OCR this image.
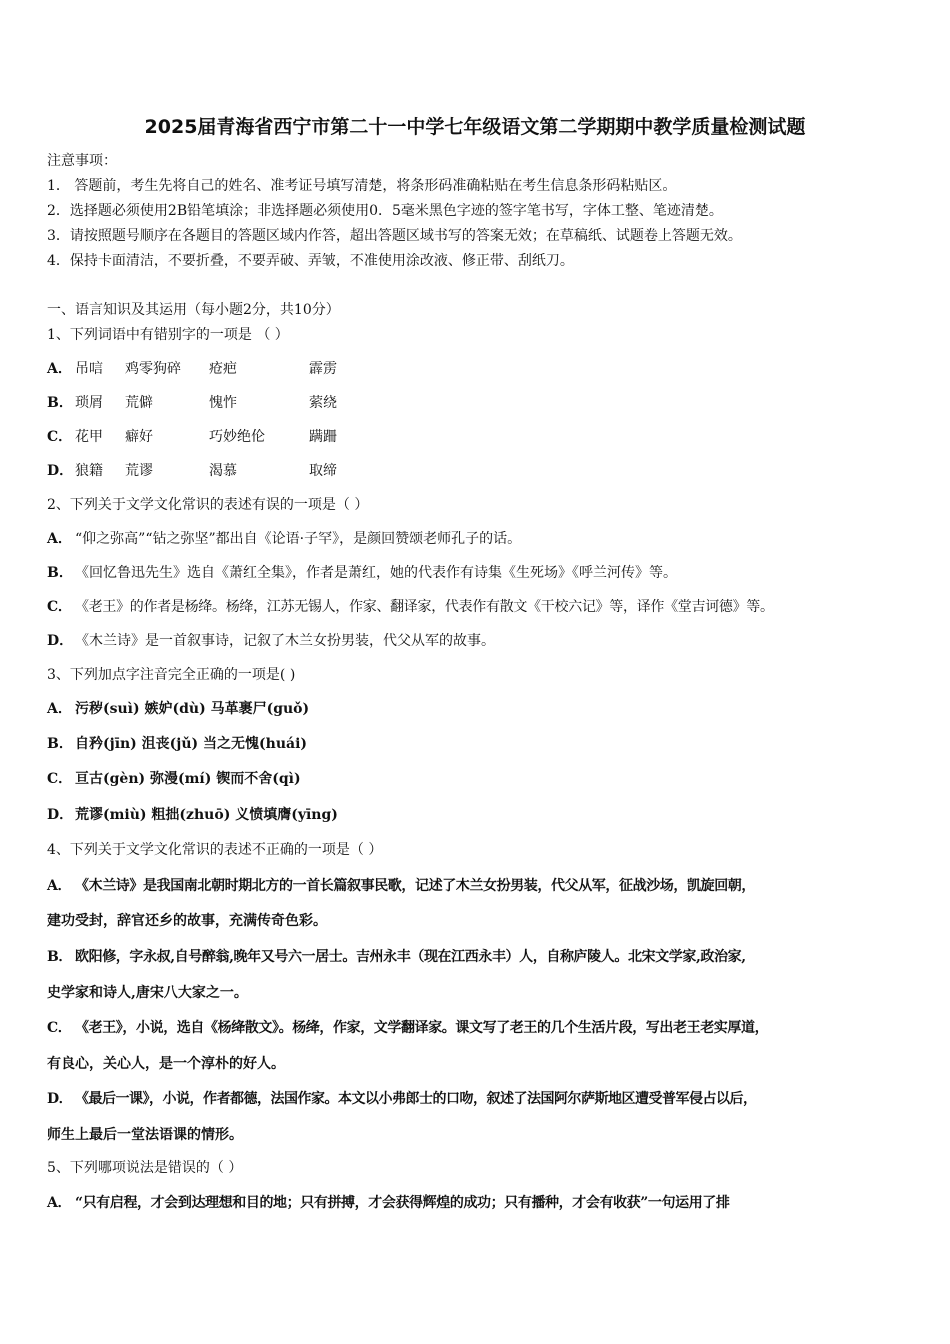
2025届青海省西宁市第二十一中学七年级语文第二学期期中教学质量检测试题
注意事项：
1． 答题前，考生先将自己的姓名、准考证号填写清楚，将条形码准确粘贴在考生信息条形码粘贴区。
2．选择题必须使用2B铅笔填涂；非选择题必须使用0．5毫米黑色字迹的签字笔书写，字体工整、笔迹清楚。
3．请按照题号顺序在各题目的答题区域内作答，超出答题区域书写的答案无效；在草稿纸、试题卷上答题无效。
4．保持卡面清洁，不要折叠，不要弄破、弄皱，不准使用涂改液、修正带、刮纸刀。
一、语言知识及其运用（每小题2分，共10分）
1、下列词语中有错别字的一项是 （ ）
A． 吊唁 鸡零狗碎 疮疤	霹雳
B． 琐屑 荒僻	愧怍	萦绕
C． 花甲 癖好	巧妙绝伦	蹒跚
D． 狼籍 荒谬	渴慕	取缔
2、下列关于文学文化常识的表述有误的一项是（ ）
A． “仰之弥高”“钻之弥坚”都出自《论语·子罕》，是颜回赞颂老师孔子的话。
B． 《回忆鲁迅先生》选自《萧红全集》，作者是萧红，她的代表作有诗集《生死场》《呼兰河传》等。
C． 《老王》的作者是杨绛。杨绛，江苏无锡人，作家、翻译家，代表作有散文《干校六记》等，译作《堂吉诃德》等。
D． 《木兰诗》是一首叙事诗，记叙了木兰女扮男装，代父从军的故事。
3、下列加点字注音完全正确的一项是( )
A． 污秽(suì) 嫉妒(dù) 马革裹尸(guǒ)
B． 自矜(jīn) 沮丧(jǔ) 当之无愧(huái)
C． 亘古(gèn) 弥漫(mí) 锲而不舍(qì)
D． 荒谬(miù) 粗拙(zhuō) 义愤填膺(yīng)
4、下列关于文学文化常识的表述不正确的一项是（ ）
A． 《木兰诗》是我国南北朝时期北方的一首长篇叙事民歌，记述了木兰女扮男装，代父从军，征战沙场，凯旋回朝，
建功受封，辞官还乡的故事，充满传奇色彩。
B． 欧阳修，字永叔,自号醉翁,晚年又号六一居士。吉州永丰（现在江西永丰）人，自称庐陵人。北宋文学家,政治家,
史学家和诗人,唐宋八大家之一。
C． 《老王》，小说，选自《杨绛散文》。杨绛，作家，文学翻译家。课文写了老王的几个生活片段，写出老王老实厚道，
有良心，关心人，是一个淳朴的好人。
D． 《最后一课》，小说，作者都德，法国作家。本文以小弗郎士的口吻，叙述了法国阿尔萨斯地区遭受普军侵占以后，
师生上最后一堂法语课的情形。
5、下列哪项说法是错误的（ ）
A． “只有启程，才会到达理想和目的地；只有拼搏，才会获得辉煌的成功；只有播种，才会有收获”一句运用了排
